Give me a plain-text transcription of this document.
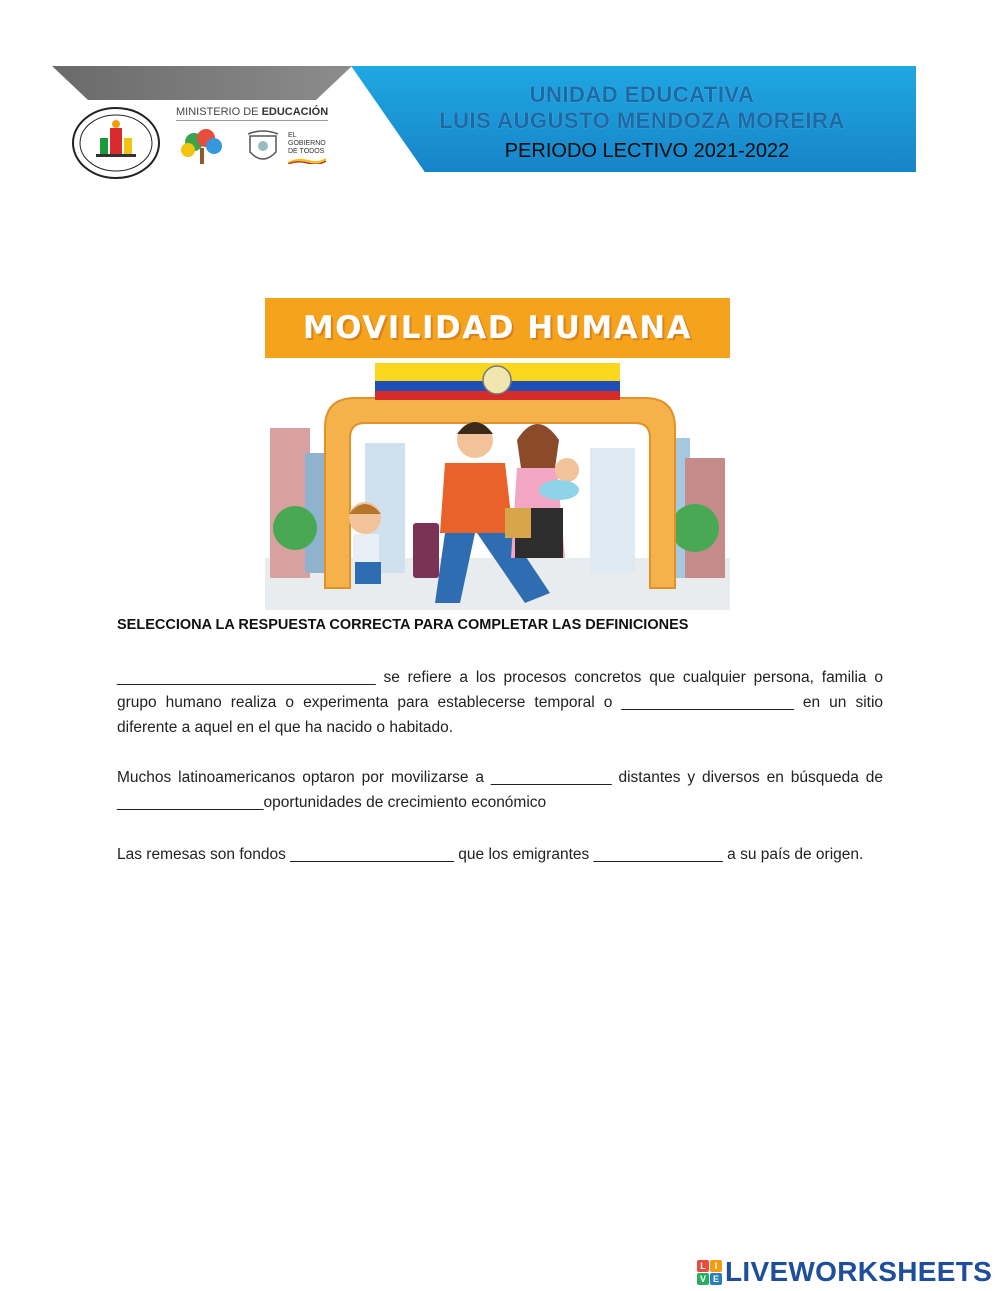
UNIDAD EDUCATIVA
LUIS AUGUSTO MENDOZA MOREIRA
PERIODO LECTIVO 2021-2022
MINISTERIO DE EDUCACIÓN
EL
GOBIERNO
DE TODOS
MOVILIDAD HUMANA
SELECCIONA LA RESPUESTA CORRECTA PARA COMPLETAR LAS DEFINICIONES
______________________________ se refiere a los procesos concretos que cualquier persona, familia o grupo humano realiza o experimenta para establecerse temporal o ____________________ en un sitio diferente a aquel en el que ha nacido o habitado.
Muchos latinoamericanos optaron por movilizarse a ______________ distantes y diversos en búsqueda de _________________oportunidades de crecimiento económico
Las remesas son fondos ___________________ que los emigrantes _______________ a su país de origen.
L I
V E LIVEWORKSHEETS
